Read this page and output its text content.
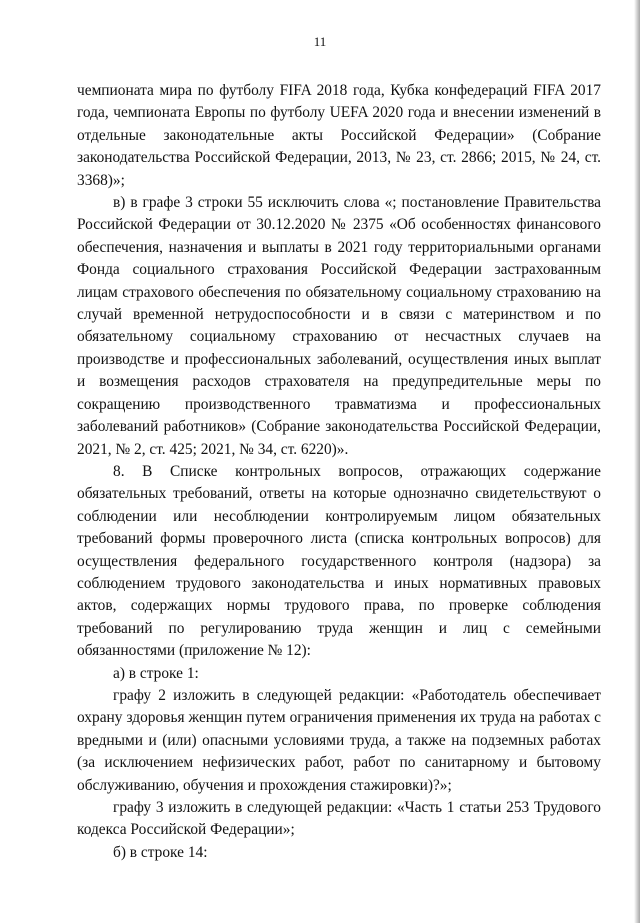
11

чемпионата мира по футболу FIFA 2018 года, Кубка конфедераций FIFA 2017 года, чемпионата Европы по футболу UEFA 2020 года и внесении изменений в отдельные законодательные акты Российской Федерации» (Собрание законодательства Российской Федерации, 2013, № 23, ст. 2866; 2015, № 24, ст. 3368)»;

в) в графе 3 строки 55 исключить слова «; постановление Правительства Российской Федерации от 30.12.2020 № 2375 «Об особенностях финансового обеспечения, назначения и выплаты в 2021 году территориальными органами Фонда социального страхования Российской Федерации застрахованным лицам страхового обеспечения по обязательному социальному страхованию на случай временной нетрудоспособности и в связи с материнством и по обязательному социальному страхованию от несчастных случаев на производстве и профессиональных заболеваний, осуществления иных выплат и возмещения расходов страхователя на предупредительные меры по сокращению производственного травматизма и профессиональных заболеваний работников» (Собрание законодательства Российской Федерации, 2021, № 2, ст. 425; 2021, № 34, ст. 6220)».

8. В Списке контрольных вопросов, отражающих содержание обязательных требований, ответы на которые однозначно свидетельствуют о соблюдении или несоблюдении контролируемым лицом обязательных требований формы проверочного листа (списка контрольных вопросов) для осуществления федерального государственного контроля (надзора) за соблюдением трудового законодательства и иных нормативных правовых актов, содержащих нормы трудового права, по проверке соблюдения требований по регулированию труда женщин и лиц с семейными обязанностями (приложение № 12):

а) в строке 1:

графу 2 изложить в следующей редакции: «Работодатель обеспечивает охрану здоровья женщин путем ограничения применения их труда на работах с вредными и (или) опасными условиями труда, а также на подземных работах (за исключением нефизических работ, работ по санитарному и бытовому обслуживанию, обучения и прохождения стажировки)?»;

графу 3 изложить в следующей редакции: «Часть 1 статьи 253 Трудового кодекса Российской Федерации»;

б) в строке 14:
